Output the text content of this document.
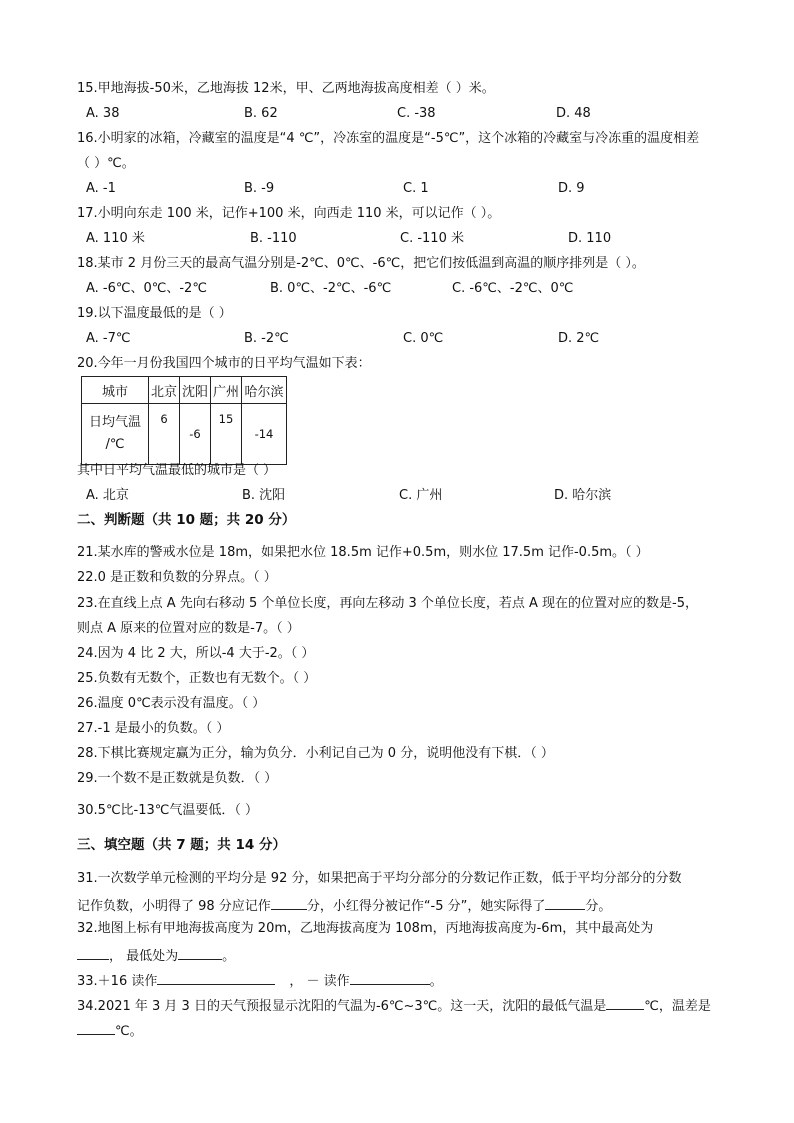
15.甲地海拔-50米，乙地海拔 12米，甲、乙两地海拔高度相差（ ）米。
A. 38	B. 62	C. -38	D. 48
16.小明家的冰箱，冷藏室的温度是“4 ℃”，冷冻室的温度是“-5℃”，这个冰箱的冷藏室与冷冻重的温度相差
（ ）℃。
A. -1	B. -9	C. 1	D. 9
17.小明向东走 100 米，记作+100 米，向西走 110 米，可以记作（ ）。
A. 110 米	B. -110	C. -110 米	D. 110
18.某市 2 月份三天的最高气温分别是-2℃、0℃、-6℃，把它们按低温到高温的顺序排列是（ ）。
A. -6℃、0℃、-2℃	B. 0℃、-2℃、-6℃	C. -6℃、-2℃、0℃
19.以下温度最低的是（ ）
A. -7℃	B. -2℃	C. 0℃	D. 2℃
20.今年一月份我国四个城市的日平均气温如下表：
城市	北京	沈阳	广州	哈尔滨

日均气温
/℃	6	-6	15	-14
其中日平均气温最低的城市是（ ）
A. 北京	B. 沈阳	C. 广州	D. 哈尔滨
二、判断题（共 10 题；共 20 分）
21.某水库的警戒水位是 18m，如果把水位 18.5m 记作+0.5m，则水位 17.5m 记作-0.5m。（ ）
22.0 是正数和负数的分界点。（ ）
23.在直线上点 A 先向右移动 5 个单位长度，再向左移动 3 个单位长度，若点 A 现在的位置对应的数是-5，
则点 A 原来的位置对应的数是-7。（ ）
24.因为 4 比 2 大，所以-4 大于-2。（ ）
25.负数有无数个，正数也有无数个。（ ）
26.温度 0℃表示没有温度。（ ）
27.-1 是最小的负数。（ ）
28.下棋比赛规定赢为正分，输为负分．小利记自己为 0 分，说明他没有下棋．（ ）
29.一个数不是正数就是负数．（ ）
30.5℃比-13℃气温要低．（ ）
三、填空题（共 7 题；共 14 分）
31.一次数学单元检测的平均分是 92 分，如果把高于平均分部分的分数记作正数，低于平均分部分的分数
记作负数，小明得了 98 分应记作	分，小红得分被记作“-5 分”，她实际得了	分。
32.地图上标有甲地海拔高度为 20m，乙地海拔高度为 108m，丙地海拔高度为-6m，其中最高处为
， 最低处为	。
33.＋16 读作	， － 读作	。
34.2021 年 3 月 3 日的天气预报显示沈阳的气温为-6℃~3℃。这一天，沈阳的最低气温是	℃，温差是
℃。
